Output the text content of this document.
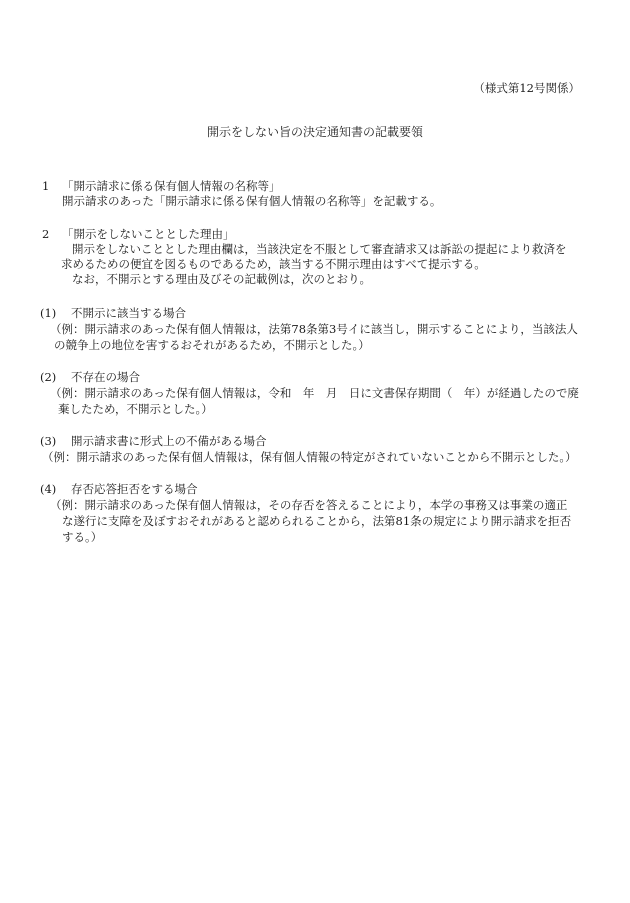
（様式第12号関係）
開示をしない旨の決定通知書の記載要領
1 「開示請求に係る保有個人情報の名称等」
開示請求のあった「開示請求に係る保有個人情報の名称等」を記載する。
2 「開示をしないこととした理由」
開示をしないこととした理由欄は，当該決定を不服として審査請求又は訴訟の提起により救済を
求めるための便宜を図るものであるため，該当する不開示理由はすべて提示する。
なお，不開示とする理由及びその記載例は，次のとおり。
(1) 不開示に該当する場合
（例：開示請求のあった保有個人情報は，法第78条第3号イに該当し，開示することにより，当該法人
の競争上の地位を害するおそれがあるため，不開示とした。）
(2) 不存在の場合
（例：開示請求のあった保有個人情報は，令和　年　月　日に文書保存期間（　年）が経過したので廃
棄したため，不開示とした。）
(3) 開示請求書に形式上の不備がある場合
（例：開示請求のあった保有個人情報は，保有個人情報の特定がされていないことから不開示とした。）
(4) 存否応答拒否をする場合
（例：開示請求のあった保有個人情報は，その存否を答えることにより，本学の事務又は事業の適正
な遂行に支障を及ぼすおそれがあると認められることから，法第81条の規定により開示請求を拒否
する。）
